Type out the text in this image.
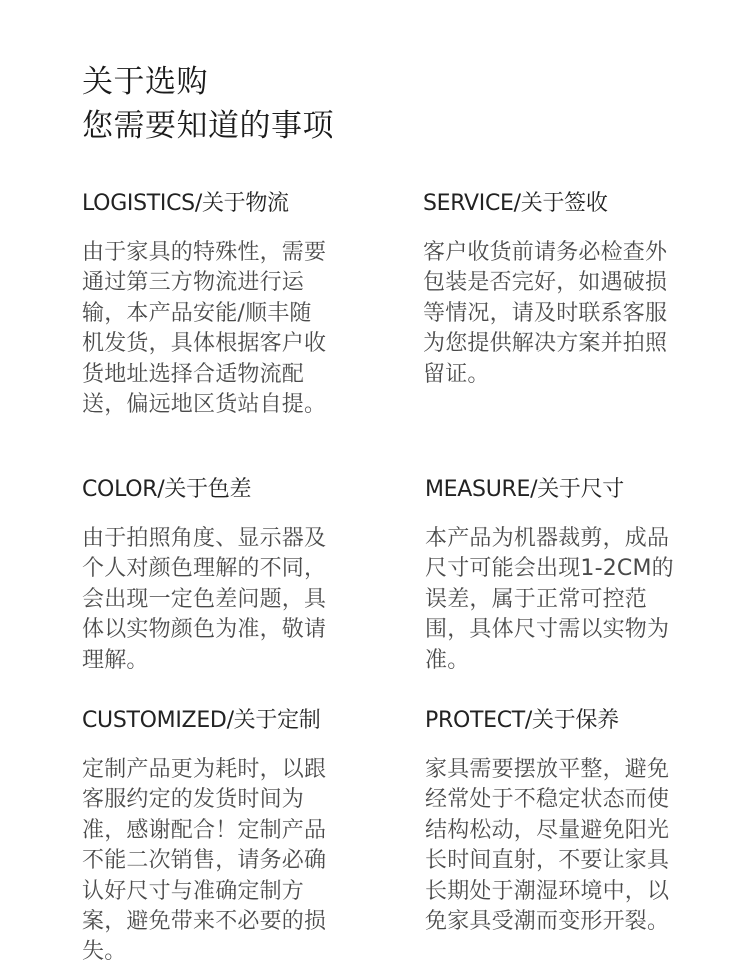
关于选购
您需要知道的事项
LOGISTICS/关于物流

由于家具的特殊性，需要通过第三方物流进行运输，本产品安能/顺丰随机发货，具体根据客户收货地址选择合适物流配送，偏远地区货站自提。

SERVICE/关于签收

客户收货前请务必检查外包装是否完好，如遇破损等情况，请及时联系客服为您提供解决方案并拍照留证。

COLOR/关于色差

由于拍照角度、显示器及个人对颜色理解的不同，会出现一定色差问题，具体以实物颜色为准，敬请理解。

MEASURE/关于尺寸

本产品为机器裁剪，成品尺寸可能会出现1-2CM的误差，属于正常可控范围，具体尺寸需以实物为准。

CUSTOMIZED/关于定制

定制产品更为耗时，以跟客服约定的发货时间为准，感谢配合！定制产品不能二次销售，请务必确认好尺寸与准确定制方案，避免带来不必要的损失。

PROTECT/关于保养

家具需要摆放平整，避免经常处于不稳定状态而使结构松动，尽量避免阳光长时间直射，不要让家具长期处于潮湿环境中，以免家具受潮而变形开裂。
